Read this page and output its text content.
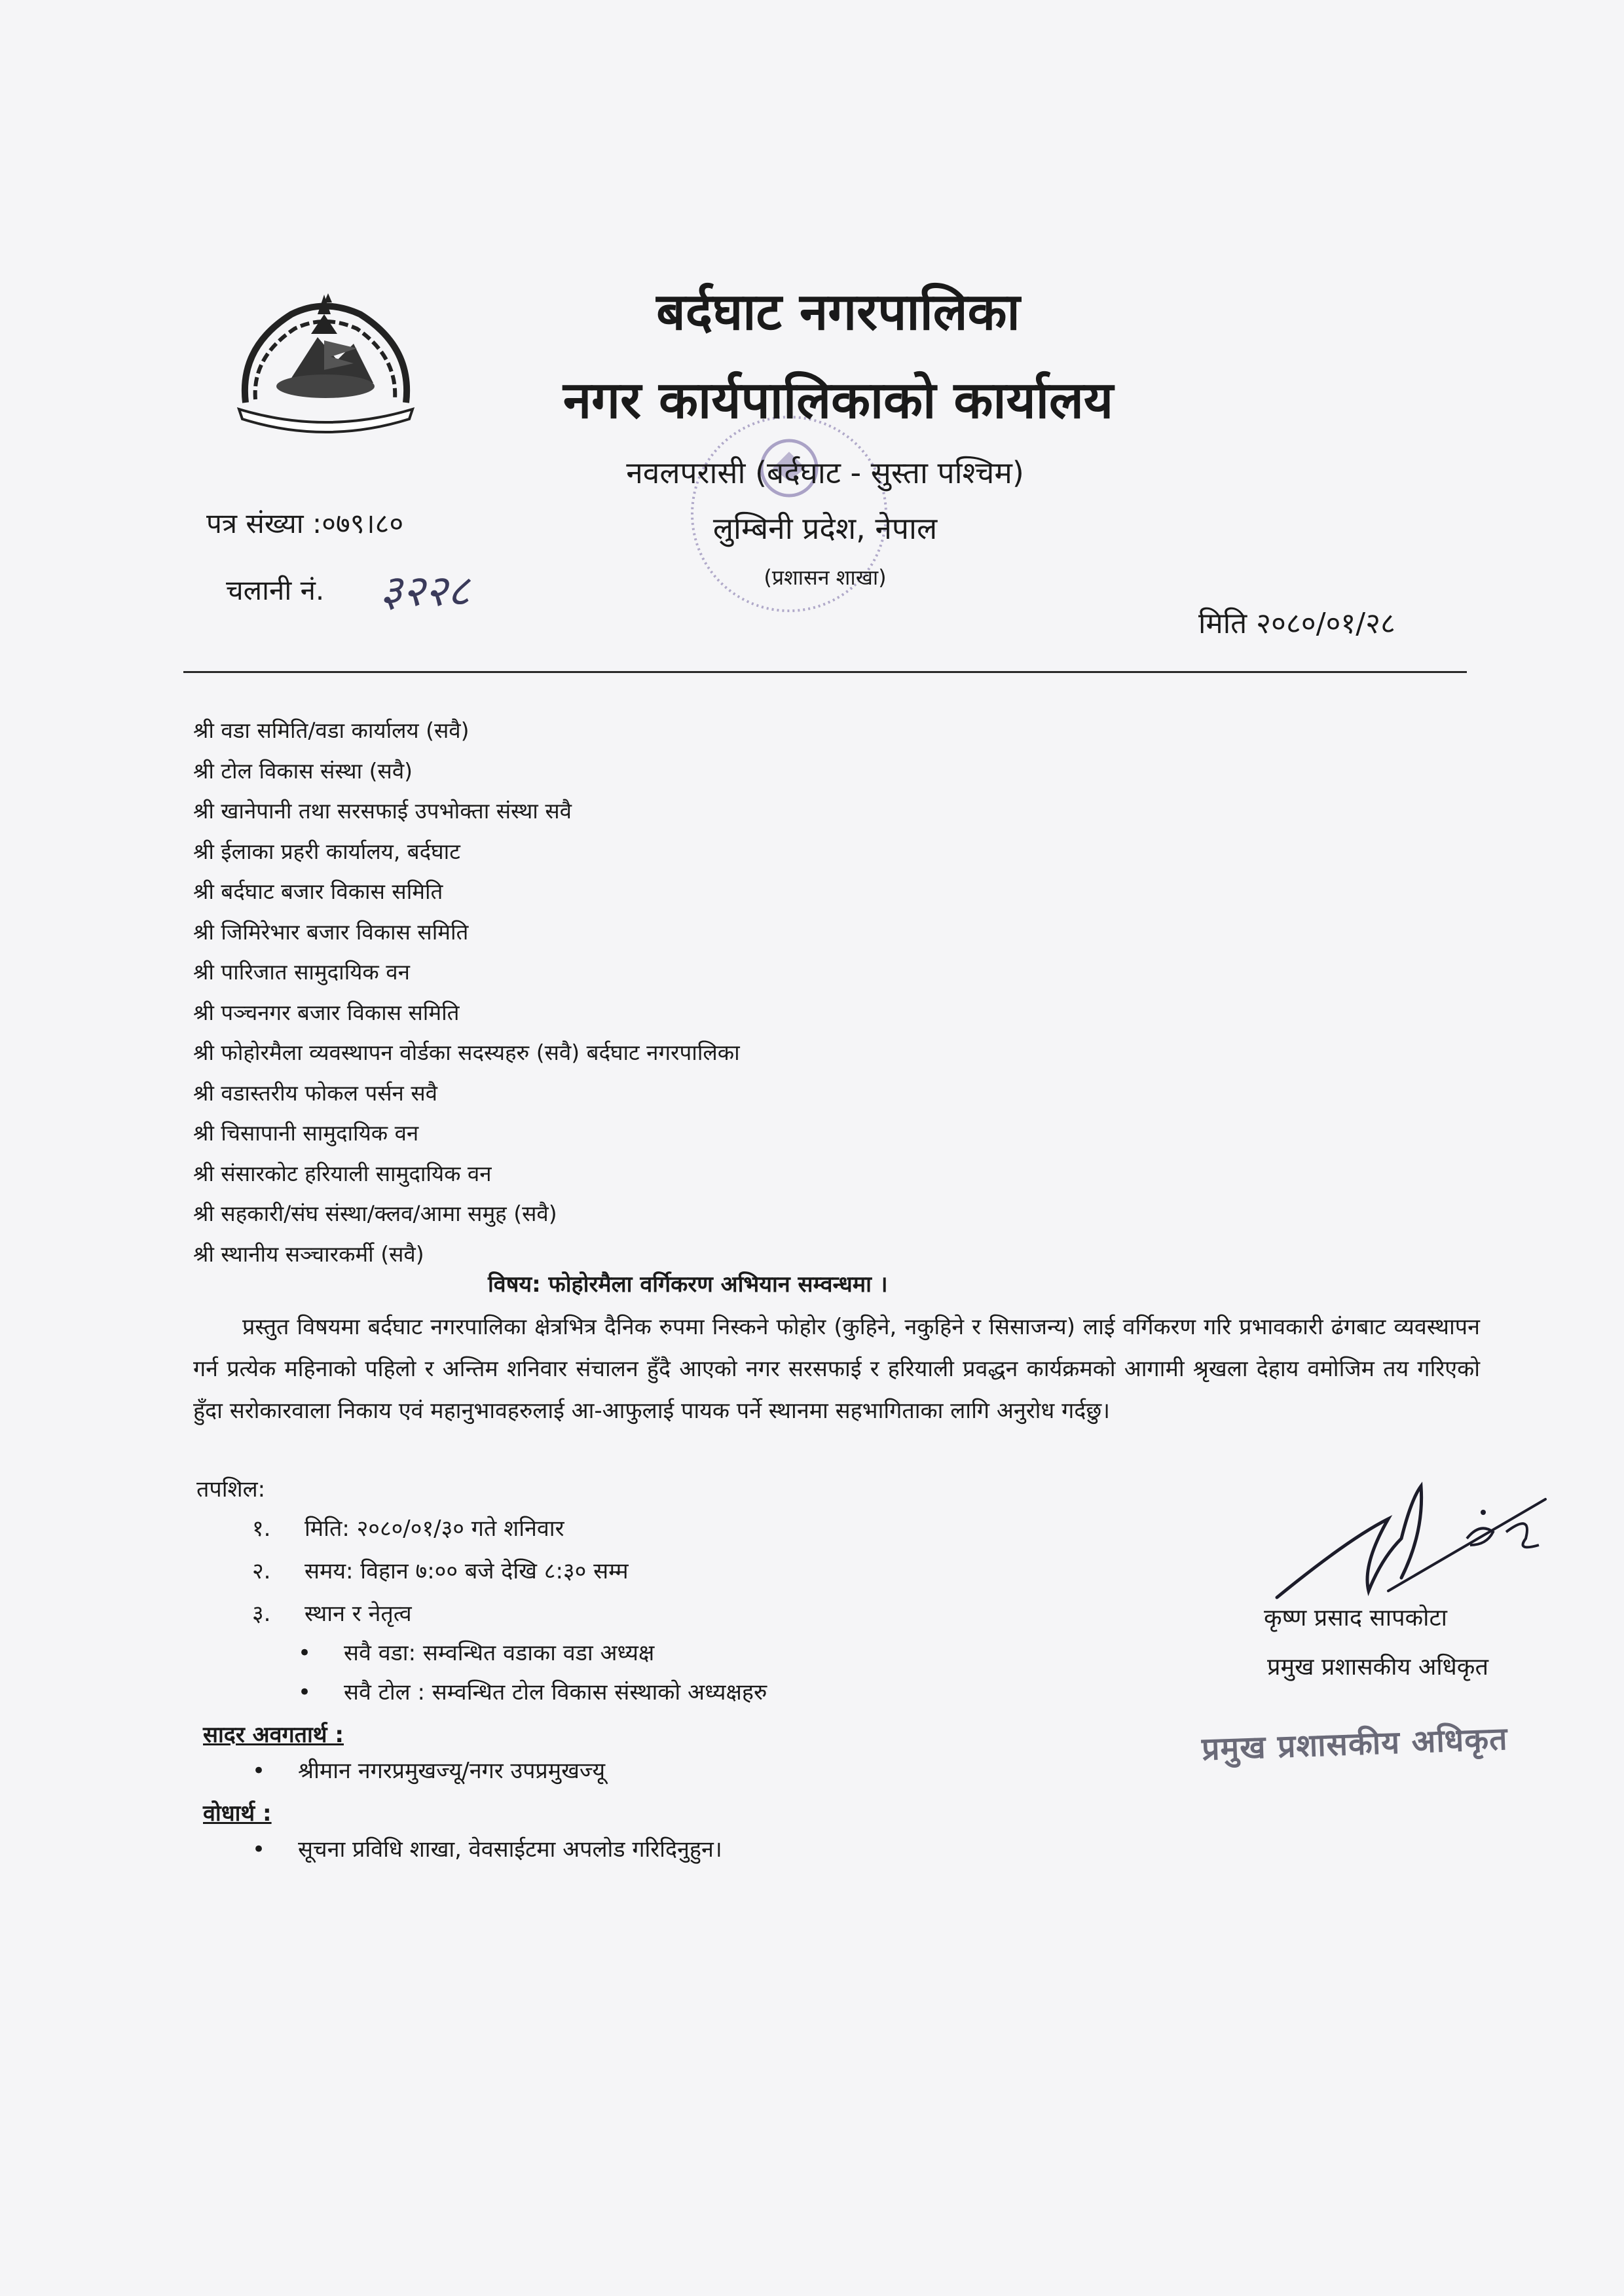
बर्दघाट नगरपालिका
नगर कार्यपालिकाको कार्यालय
नवलपरासी (बर्दघाट - सुस्ता पश्चिम)
लुम्बिनी प्रदेश, नेपाल
(प्रशासन शाखा)
पत्र संख्या :०७९।८०
चलानी नं. ३२२८
मिति २०८०/०१/२८
श्री वडा समिति/वडा कार्यालय (सवै)
श्री टोल विकास संस्था (सवै)
श्री खानेपानी तथा सरसफाई उपभोक्ता संस्था सवै
श्री ईलाका प्रहरी कार्यालय, बर्दघाट
श्री बर्दघाट बजार विकास समिति
श्री जिमिरेभार बजार विकास समिति
श्री पारिजात सामुदायिक वन
श्री पञ्चनगर बजार विकास समिति
श्री फोहोरमैला व्यवस्थापन वोर्डका सदस्यहरु (सवै) बर्दघाट नगरपालिका
श्री वडास्तरीय फोकल पर्सन सवै
श्री चिसापानी सामुदायिक वन
श्री संसारकोट हरियाली सामुदायिक वन
श्री सहकारी/संघ संस्था/क्लव/आमा समुह (सवै)
श्री स्थानीय सञ्चारकर्मी (सवै)
विषय: फोहोरमैला वर्गिकरण अभियान सम्वन्धमा ।
प्रस्तुत विषयमा बर्दघाट नगरपालिका क्षेत्रभित्र दैनिक रुपमा निस्कने फोहोर (कुहिने, नकुहिने र सिसाजन्य) लाई वर्गिकरण गरि प्रभावकारी ढंगबाट व्यवस्थापन गर्न प्रत्येक महिनाको पहिलो र अन्तिम शनिवार संचालन हुँदै आएको नगर सरसफाई र हरियाली प्रवद्धन कार्यक्रमको आगामी श्रृखला देहाय वमोजिम तय गरिएको हुँदा सरोकारवाला निकाय एवं महानुभावहरुलाई आ-आफुलाई पायक पर्ने स्थानमा सहभागिताका लागि अनुरोध गर्दछु।
तपशिल:
१. मिति: २०८०/०१/३० गते शनिवार
२. समय: विहान ७:०० बजे देखि ८:३० सम्म
३. स्थान र नेतृत्व
• सवै वडा: सम्वन्धित वडाका वडा अध्यक्ष
• सवै टोल : सम्वन्धित टोल विकास संस्थाको अध्यक्षहरु
सादर अवगतार्थ :
• श्रीमान नगरप्रमुखज्यू/नगर उपप्रमुखज्यू
वोधार्थ :
• सूचना प्रविधि शाखा, वेवसाईटमा अपलोड गरिदिनुहुन।
कृष्ण प्रसाद सापकोटा
प्रमुख प्रशासकीय अधिकृत
प्रमुख प्रशासकीय अधिकृत
